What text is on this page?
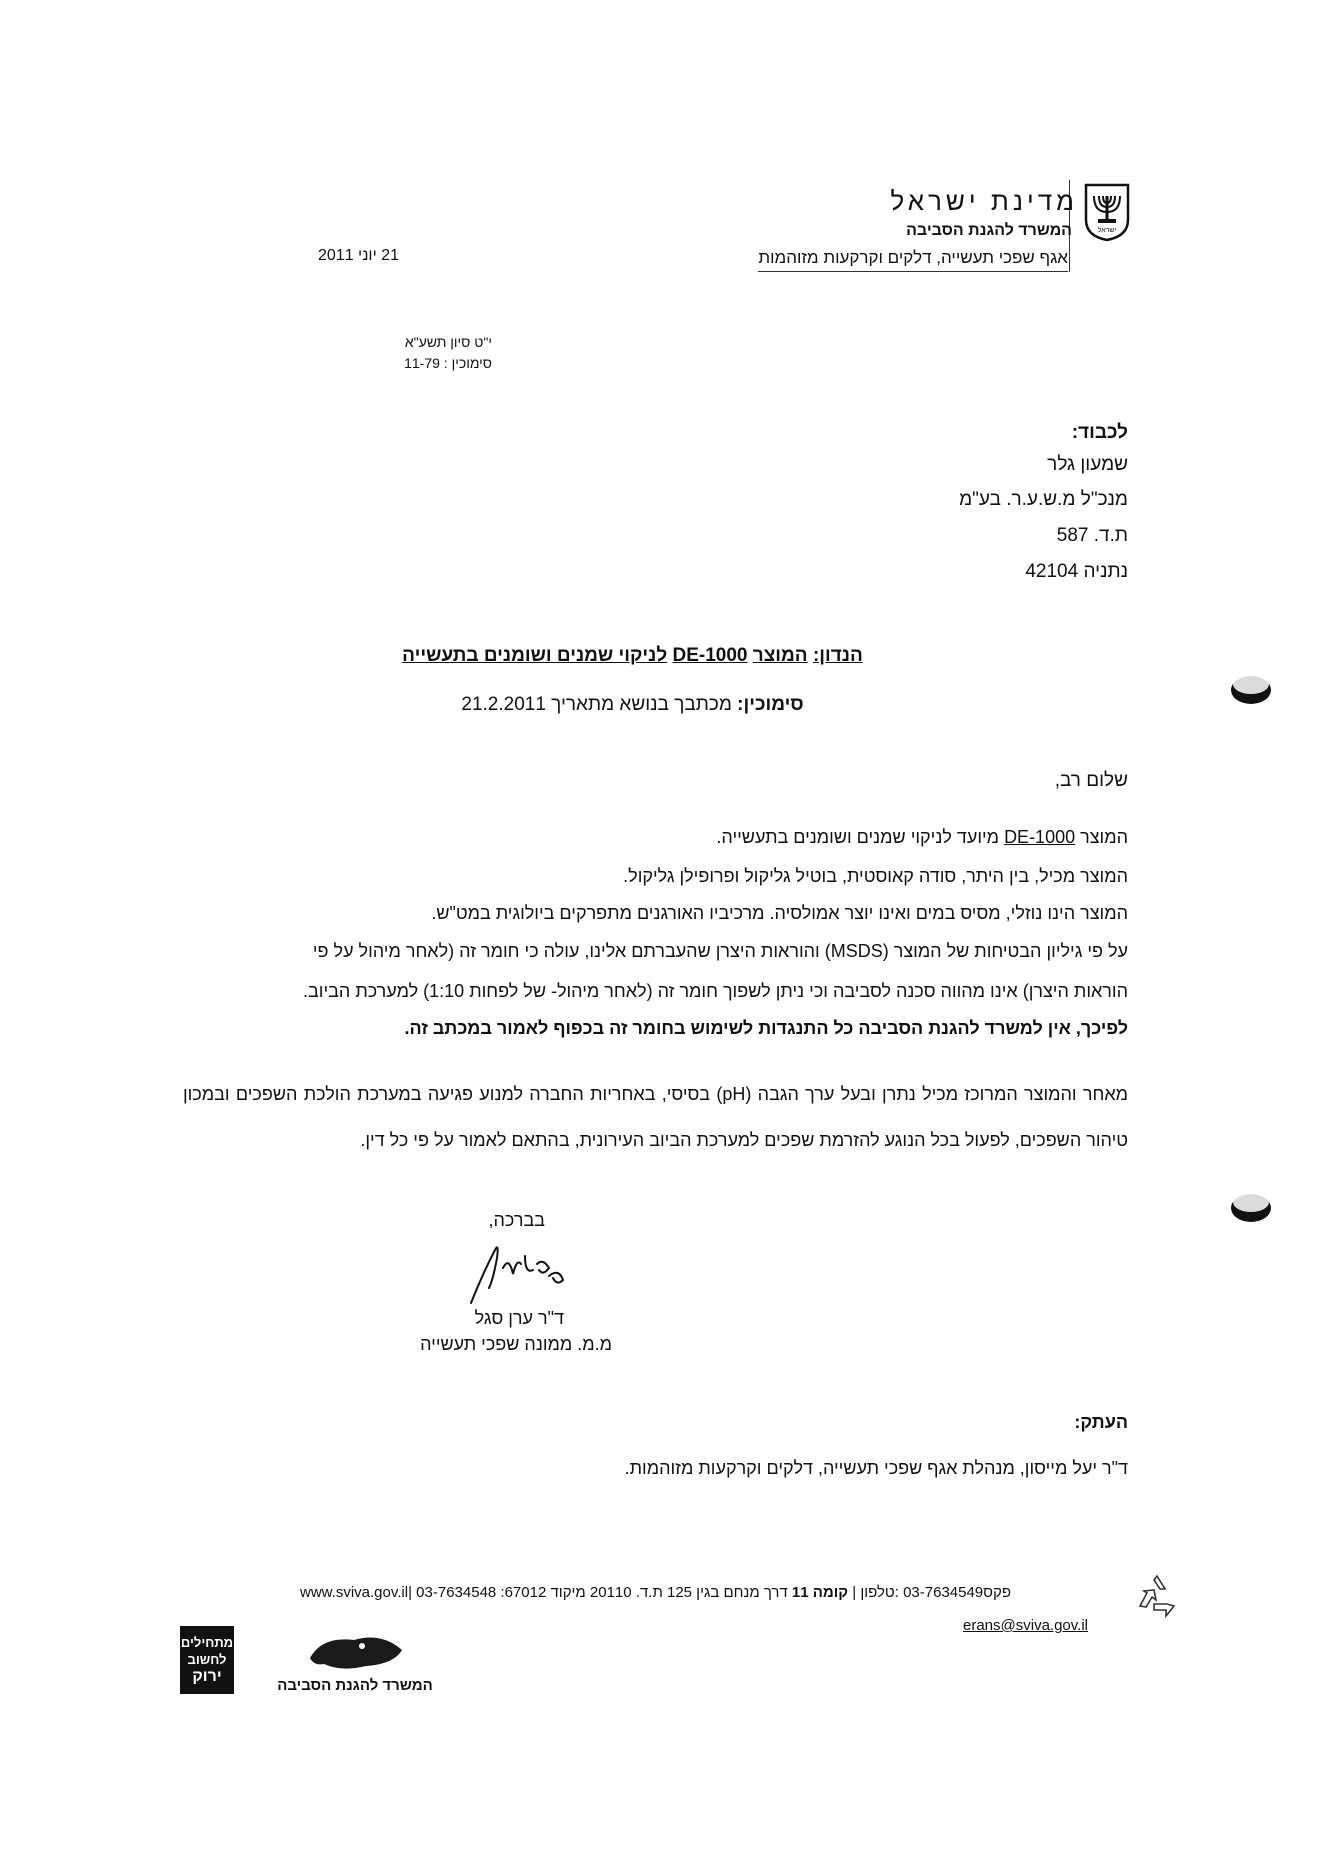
ישראל
מדינת ישראל
המשרד להגנת הסביבה
אגף שפכי תעשייה, דלקים וקרקעות מזוהמות
21 יוני 2011
י"ט סיון תשע"א
סימוכין : 11-79
לכבוד:
שמעון גלר
מנכ"ל מ.ש.ע.ר. בע"מ
ת.ד. 587
נתניה 42104
הנדון: המוצר DE-1000 לניקוי שמנים ושומנים בתעשייה
סימוכין: מכתבך בנושא מתאריך 21.2.2011
שלום רב,
המוצר DE-1000 מיועד לניקוי שמנים ושומנים בתעשייה.
המוצר מכיל, בין היתר, סודה קאוסטית, בוטיל גליקול ופרופילן גליקול.
המוצר הינו נוזלי, מסיס במים ואינו יוצר אמולסיה. מרכיביו האורגנים מתפרקים ביולוגית במט"ש.
על פי גיליון הבטיחות של המוצר (MSDS) והוראות היצרן שהעברתם אלינו, עולה כי חומר זה (לאחר מיהול על פי
הוראות היצרן) אינו מהווה סכנה לסביבה וכי ניתן לשפוך חומר זה (לאחר מיהול- של לפחות 1:10) למערכת הביוב.
לפיכך, אין למשרד להגנת הסביבה כל התנגדות לשימוש בחומר זה בכפוף לאמור במכתב זה.
מאחר והמוצר המרוכז מכיל נתרן ובעל ערך הגבה (pH) בסיסי, באחריות החברה למנוע פגיעה במערכת הולכת השפכים ובמכון טיהור השפכים, לפעול בכל הנוגע להזרמת שפכים למערכת הביוב העירונית, בהתאם לאמור על פי כל דין.
בברכה,
ד"ר ערן סגל
מ.מ. ממונה שפכי תעשייה
העתק:
ד"ר יעל מייסון, מנהלת אגף שפכי תעשייה, דלקים וקרקעות מזוהמות.
www.sviva.gov.il| 03-7634548 :פקס03-7634549 :טלפון | קומה 11 דרך מנחם בגין 125 ת.ד. 20110 מיקוד 67012
erans@sviva.gov.il
מתחילים
לחשוב
ירוק
המשרד להגנת הסביבה
